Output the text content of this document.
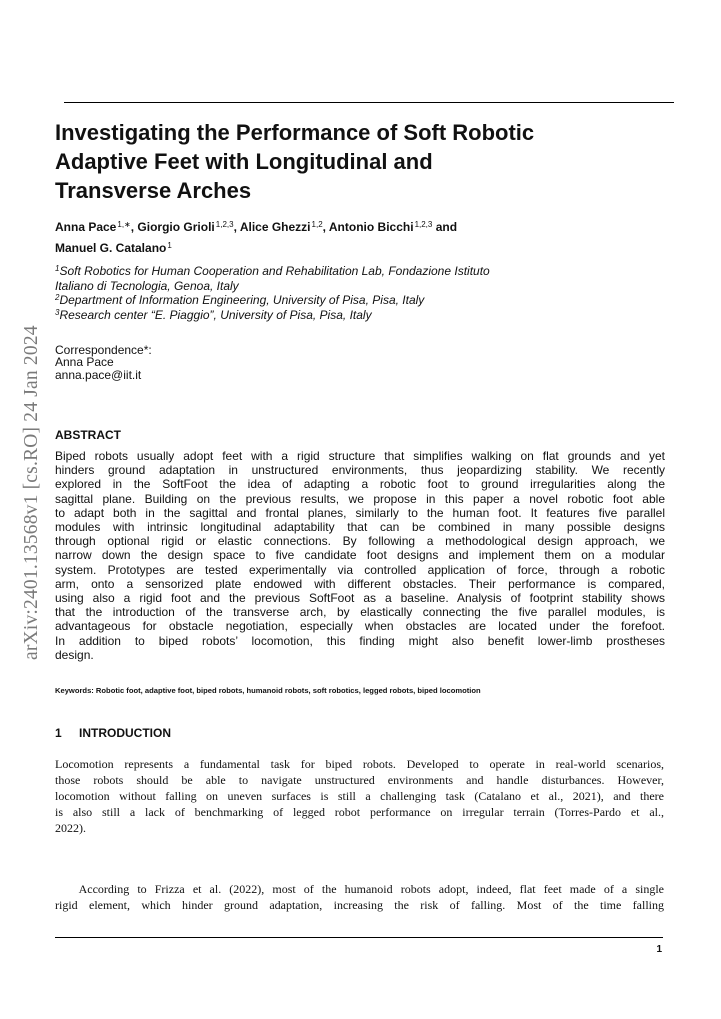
arXiv:2401.13568v1 [cs.RO] 24 Jan 2024
Investigating the Performance of Soft Robotic
Adaptive Feet with Longitudinal and
Transverse Arches
Anna Pace $^{1,∗}$, Giorgio Grioli $^{1,2,3}$, Alice Ghezzi $^{1,2}$, Antonio Bicchi $^{1,2,3}$ and
Manuel G. Catalano $^1$
$^1$Soft Robotics for Human Cooperation and Rehabilitation Lab, Fondazione Istituto
Italiano di Tecnologia, Genoa, Italy
$^2$Department of Information Engineering, University of Pisa, Pisa, Italy
$^3$Research center “E. Piaggio”, University of Pisa, Pisa, Italy
Correspondence*:
Anna Pace
anna.pace@iit.it
ABSTRACT
Biped robots usually adopt feet with a rigid structure that simplifies walking on flat grounds and yet
hinders ground adaptation in unstructured environments, thus jeopardizing stability. We recently
explored in the SoftFoot the idea of adapting a robotic foot to ground irregularities along the
sagittal plane. Building on the previous results, we propose in this paper a novel robotic foot able
to adapt both in the sagittal and frontal planes, similarly to the human foot. It features five parallel
modules with intrinsic longitudinal adaptability that can be combined in many possible designs
through optional rigid or elastic connections. By following a methodological design approach, we
narrow down the design space to five candidate foot designs and implement them on a modular
system. Prototypes are tested experimentally via controlled application of force, through a robotic
arm, onto a sensorized plate endowed with different obstacles. Their performance is compared,
using also a rigid foot and the previous SoftFoot as a baseline. Analysis of footprint stability shows
that the introduction of the transverse arch, by elastically connecting the five parallel modules, is
advantageous for obstacle negotiation, especially when obstacles are located under the forefoot.
In addition to biped robots’ locomotion, this finding might also benefit lower-limb prostheses
design.
Keywords: Robotic foot, adaptive foot, biped robots, humanoid robots, soft robotics, legged robots, biped locomotion
1 INTRODUCTION
Locomotion represents a fundamental task for biped robots. Developed to operate in real-world scenarios,
those robots should be able to navigate unstructured environments and handle disturbances. However,
locomotion without falling on uneven surfaces is still a challenging task (Catalano et al., 2021), and there
is also still a lack of benchmarking of legged robot performance on irregular terrain (Torres-Pardo et al.,
2022).
According to Frizza et al. (2022), most of the humanoid robots adopt, indeed, flat feet made of a single
rigid element, which hinder ground adaptation, increasing the risk of falling. Most of the time falling
1
